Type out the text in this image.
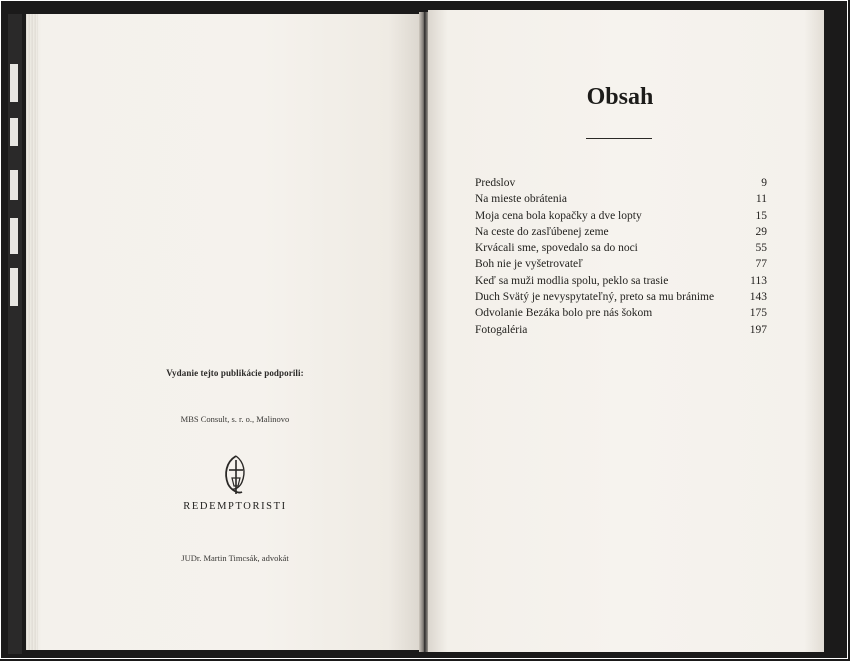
Vydanie tejto publikácie podporili:
MBS Consult, s. r. o., Malinovo
REDEMPTORISTI
JUDr. Martin Timcsák, advokát
Obsah
Predslov	9
Na mieste obrátenia	11
Moja cena bola kopačky a dve lopty	15
Na ceste do zasľúbenej zeme	29
Krvácali sme, spovedalo sa do noci	55
Boh nie je vyšetrovateľ	77
Keď sa muži modlia spolu, peklo sa trasie	113
Duch Svätý je nevyspytateľný, preto sa mu bránime	143
Odvolanie Bezáka bolo pre nás šokom	175
Fotogaléria	197
